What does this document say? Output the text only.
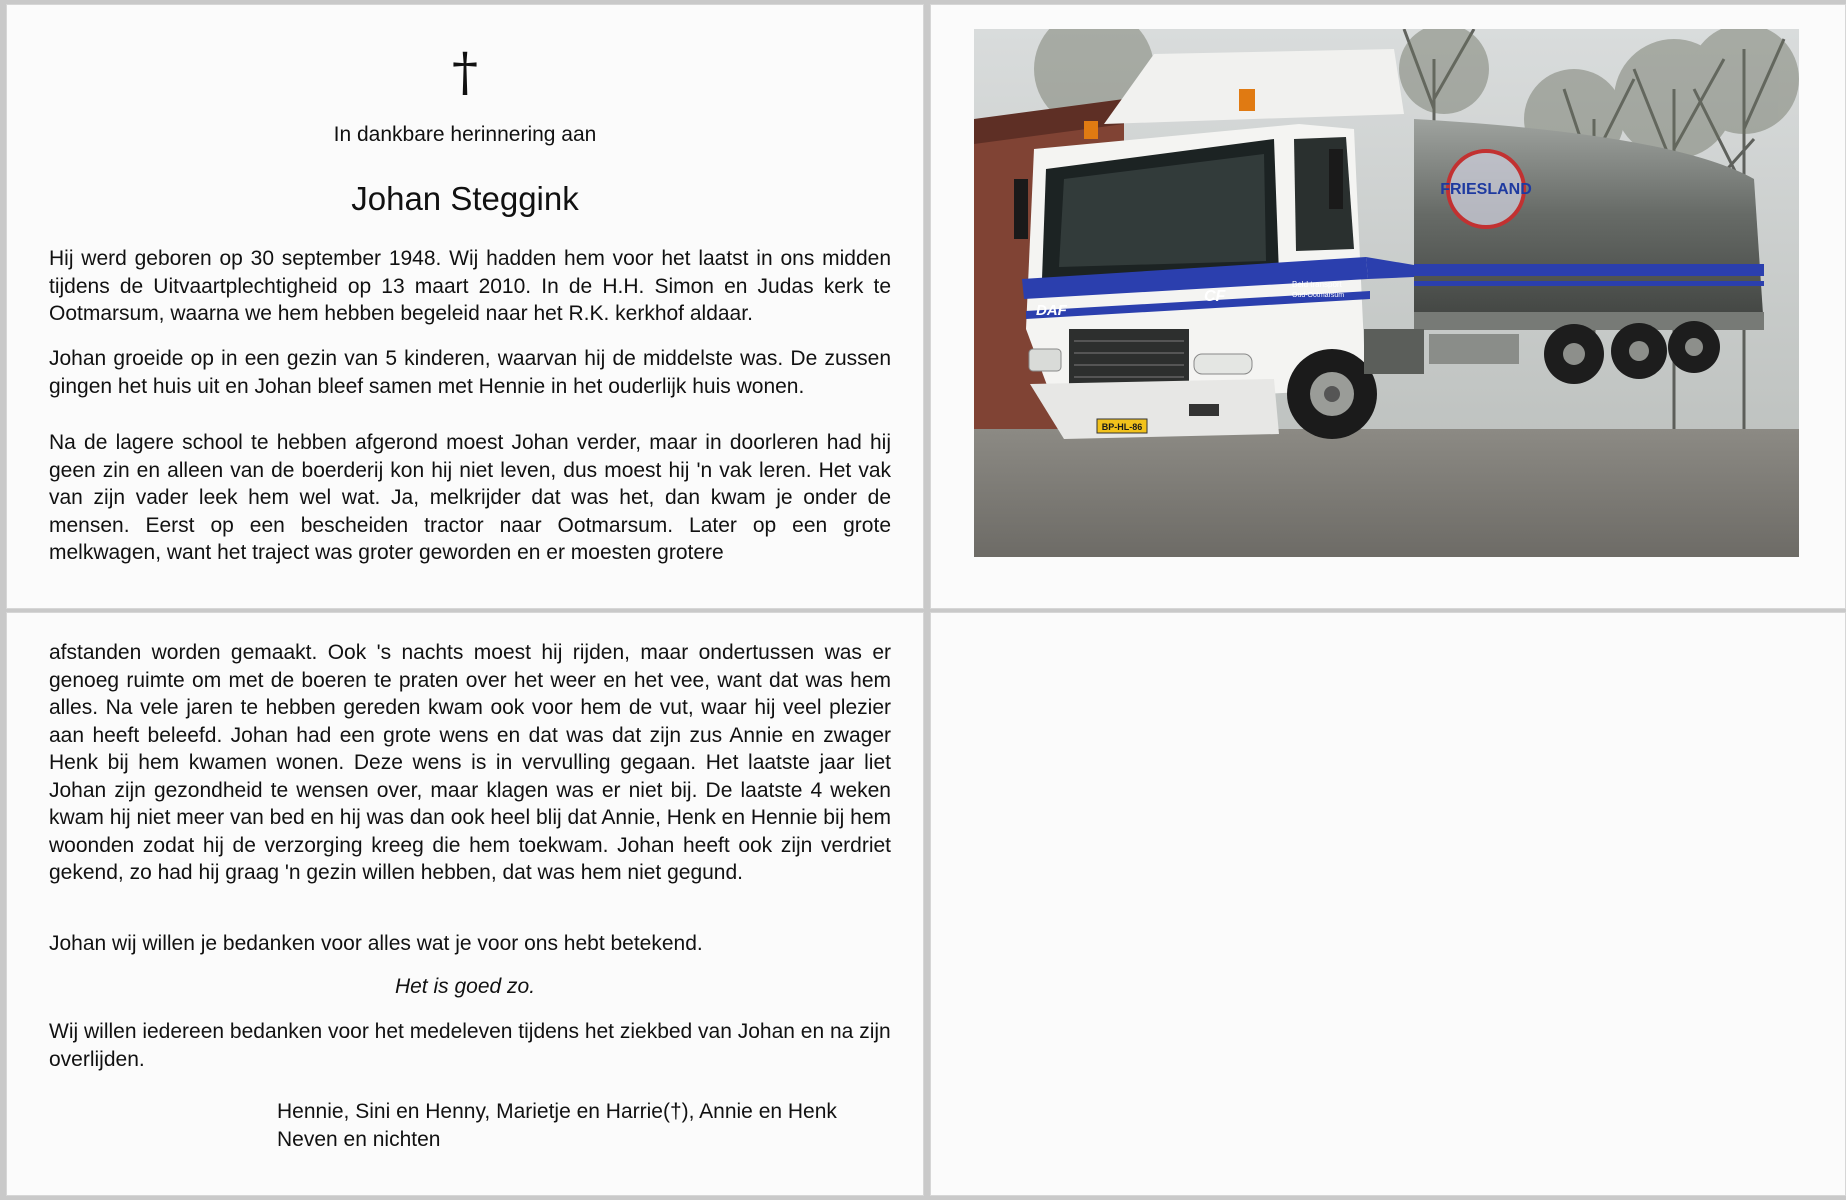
†
In dankbare herinnering aan
Johan Steggink

Hij werd geboren op 30 september 1948. Wij hadden hem voor het laatst in ons midden tijdens de Uitvaartplechtigheid op 13 maart 2010. In de H.H. Simon en Judas kerk te Ootmarsum, waarna we hem hebben begeleid naar het R.K. kerkhof aldaar.

Johan groeide op in een gezin van 5 kinderen, waarvan hij de middelste was. De zussen gingen het huis uit en Johan bleef samen met Hennie in het ouderlijk huis wonen.

Na de lagere school te hebben afgerond moest Johan verder, maar in doorleren had hij geen zin en alleen van de boerderij kon hij niet leven, dus moest hij 'n vak leren. Het vak van zijn vader leek hem wel wat. Ja, melkrijder dat was het, dan kwam je onder de mensen. Eerst op een bescheiden tractor naar Ootmarsum. Later op een grote melkwagen, want het traject was groter geworden en er moesten grotere

FRIESLAND
DAF
CF
Beld transport
Oud-Ootmarsum
BP-HL-86

afstanden worden gemaakt. Ook 's nachts moest hij rijden, maar ondertussen was er genoeg ruimte om met de boeren te praten over het weer en het vee, want dat was hem alles. Na vele jaren te hebben gereden kwam ook voor hem de vut, waar hij veel plezier aan heeft beleefd. Johan had een grote wens en dat was dat zijn zus Annie en zwager Henk bij hem kwamen wonen. Deze wens is in vervulling gegaan. Het laatste jaar liet Johan zijn gezondheid te wensen over, maar klagen was er niet bij. De laatste 4 weken kwam hij niet meer van bed en hij was dan ook heel blij dat Annie, Henk en Hennie bij hem woonden zodat hij de verzorging kreeg die hem toekwam. Johan heeft ook zijn verdriet gekend, zo had hij graag 'n gezin willen hebben, dat was hem niet gegund.

Johan wij willen je bedanken voor alles wat je voor ons hebt betekend.

Het is goed zo.

Wij willen iedereen bedanken voor het medeleven tijdens het ziekbed van Johan en na zijn overlijden.

Hennie, Sini en Henny, Marietje en Harrie(†), Annie en Henk
Neven en nichten
